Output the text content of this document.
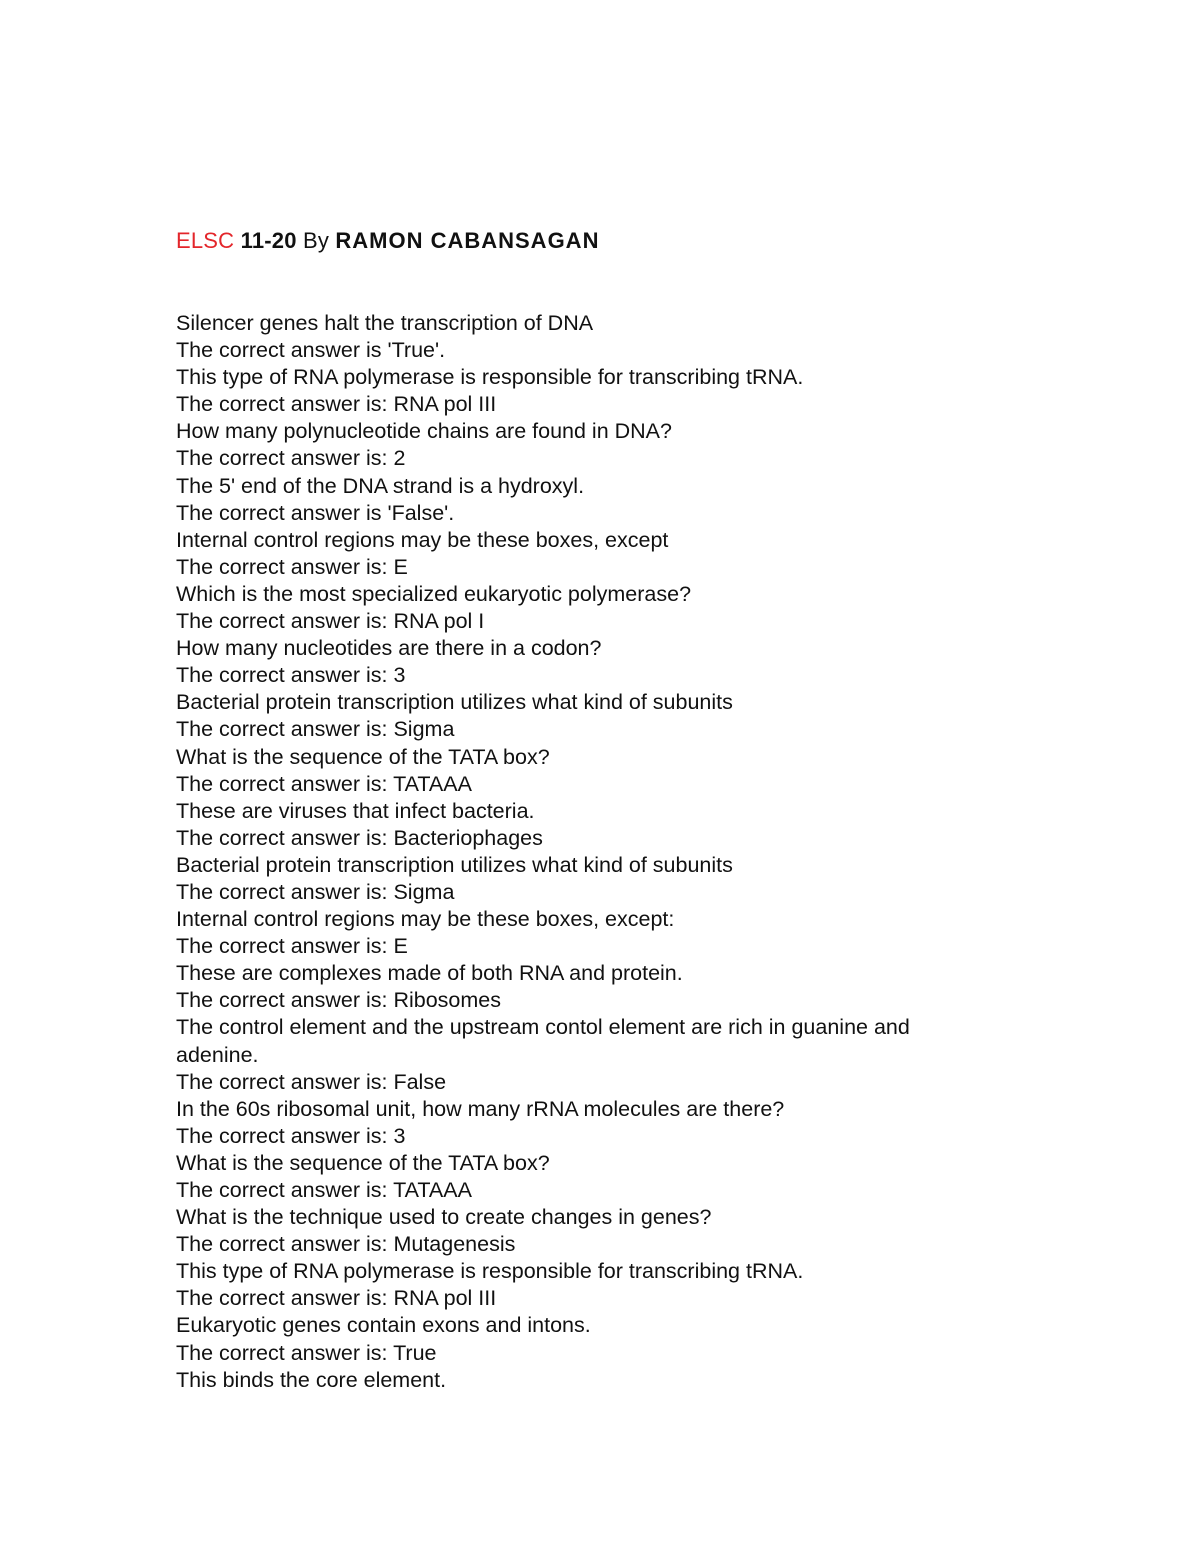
ELSC 11-20 By RAMON CABANSAGAN
Silencer genes halt the transcription of DNA
The correct answer is 'True'.
This type of RNA polymerase is responsible for transcribing tRNA.
The correct answer is: RNA pol III
How many polynucleotide chains are found in DNA?
The correct answer is: 2
The 5' end of the DNA strand is a hydroxyl.
The correct answer is 'False'.
Internal control regions may be these boxes, except
The correct answer is: E
Which is the most specialized eukaryotic polymerase?
The correct answer is: RNA pol I
How many nucleotides are there in a codon?
The correct answer is: 3
Bacterial protein transcription utilizes what kind of subunits
The correct answer is: Sigma
What is the sequence of the TATA box?
The correct answer is: TATAAA
These are viruses that infect bacteria.
The correct answer is: Bacteriophages
Bacterial protein transcription utilizes what kind of subunits
The correct answer is: Sigma
Internal control regions may be these boxes, except:
The correct answer is: E
These are complexes made of both RNA and protein.
The correct answer is: Ribosomes
The control element and the upstream contol element are rich in guanine and
adenine.
The correct answer is: False
In the 60s ribosomal unit, how many rRNA molecules are there?
The correct answer is: 3
What is the sequence of the TATA box?
The correct answer is: TATAAA
What is the technique used to create changes in genes?
The correct answer is: Mutagenesis
This type of RNA polymerase is responsible for transcribing tRNA.
The correct answer is: RNA pol III
Eukaryotic genes contain exons and intons.
The correct answer is: True
This binds the core element.
